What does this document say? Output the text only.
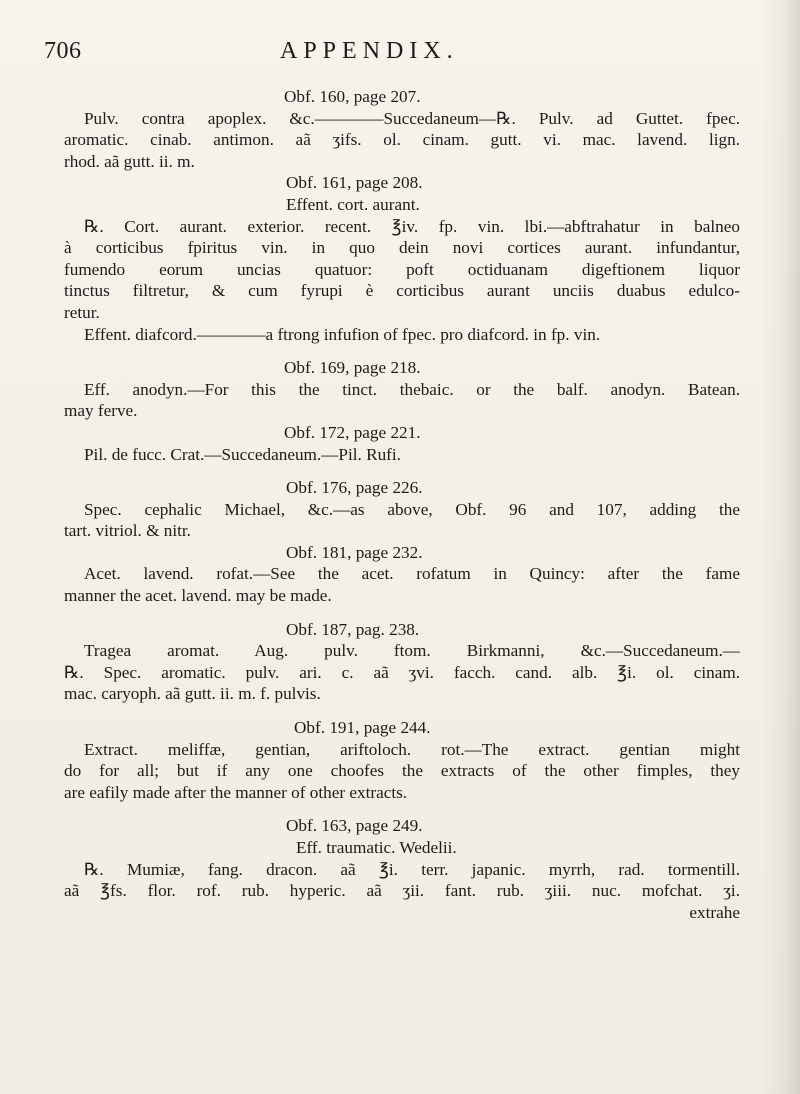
706	APPENDIX.
Obf. 160, page 207.
Pulv. contra apoplex. &c.————Succedaneum—℞. Pulv. ad Guttet. fpec.
aromatic. cinab. antimon. aã ʒifs. ol. cinam. gutt. vi. mac. lavend. lign.
rhod. aã gutt. ii. m.
Obf. 161, page 208.
Effent. cort. aurant.
℞. Cort. aurant. exterior. recent. ℥iv. fp. vin. lbi.—abftrahatur in balneo
à corticibus fpiritus vin. in quo dein novi cortices aurant. infundantur,
fumendo eorum uncias quatuor: poft octiduanam digeftionem liquor
tinctus filtretur, & cum fyrupi è corticibus aurant unciis duabus edulco-
retur.
Effent. diafcord.————a ftrong infufion of fpec. pro diafcord. in fp. vin.
Obf. 169, page 218.
Eff. anodyn.—For this the tinct. thebaic. or the balf. anodyn. Batean.
may ferve.
Obf. 172, page 221.
Pil. de fucc. Crat.—Succedaneum.—Pil. Rufi.
Obf. 176, page 226.
Spec. cephalic Michael, &c.—as above, Obf. 96 and 107, adding the
tart. vitriol. & nitr.
Obf. 181, page 232.
Acet. lavend. rofat.—See the acet. rofatum in Quincy: after the fame
manner the acet. lavend. may be made.
Obf. 187, pag. 238.
Tragea aromat. Aug. pulv. ftom. Birkmanni, &c.—Succedaneum.—
℞. Spec. aromatic. pulv. ari. c. aã ʒvi. facch. cand. alb. ℥i. ol. cinam.
mac. caryoph. aã gutt. ii. m. f. pulvis.
Obf. 191, page 244.
Extract. meliffæ, gentian, ariftoloch. rot.—The extract. gentian might
do for all; but if any one choofes the extracts of the other fimples, they
are eafily made after the manner of other extracts.
Obf. 163, page 249.
Eff. traumatic. Wedelii.
℞. Mumiæ, fang. dracon. aã ℥i. terr. japanic. myrrh, rad. tormentill.
aã ℥fs. flor. rof. rub. hyperic. aã ʒii. fant. rub. ʒiii. nuc. mofchat. ʒi.
extrahe
